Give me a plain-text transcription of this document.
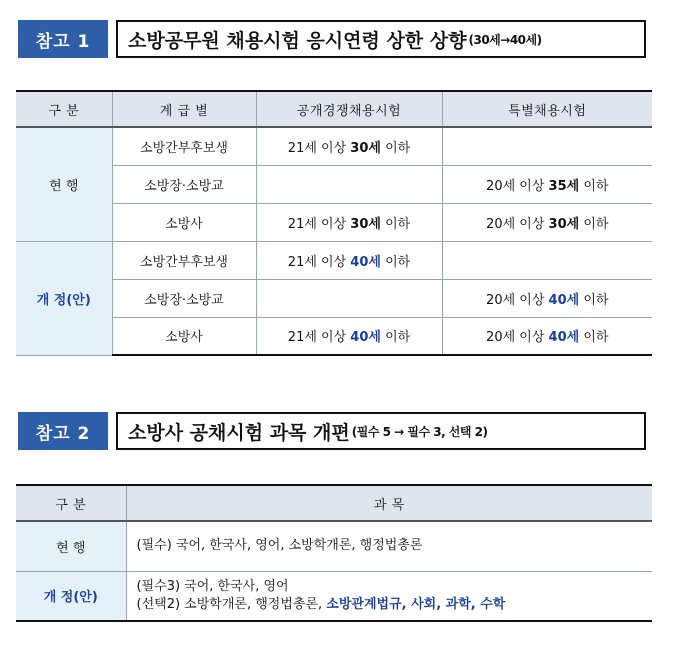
참고 1	소방공무원 채용시험 응시연령 상한 상향 (30세→40세)
구 분	계 급 별	공개경쟁채용시험	특별채용시험
현 행	소방간부후보생	21세 이상 30세 이하	
	소방장·소방교		20세 이상 35세 이하
	소방사	21세 이상 30세 이하	20세 이상 30세 이하
개 정(안)	소방간부후보생	21세 이상 40세 이하	
	소방장·소방교		20세 이상 40세 이하
	소방사	21세 이상 40세 이하	20세 이상 40세 이하
참고 2	소방사 공채시험 과목 개편 (필수 5 → 필수 3, 선택 2)
구 분	과 목
현 행	(필수) 국어, 한국사, 영어, 소방학개론, 행정법총론
개 정(안)	(필수3) 국어, 한국사, 영어
(선택2) 소방학개론, 행정법총론, 소방관계법규, 사회, 과학, 수학
